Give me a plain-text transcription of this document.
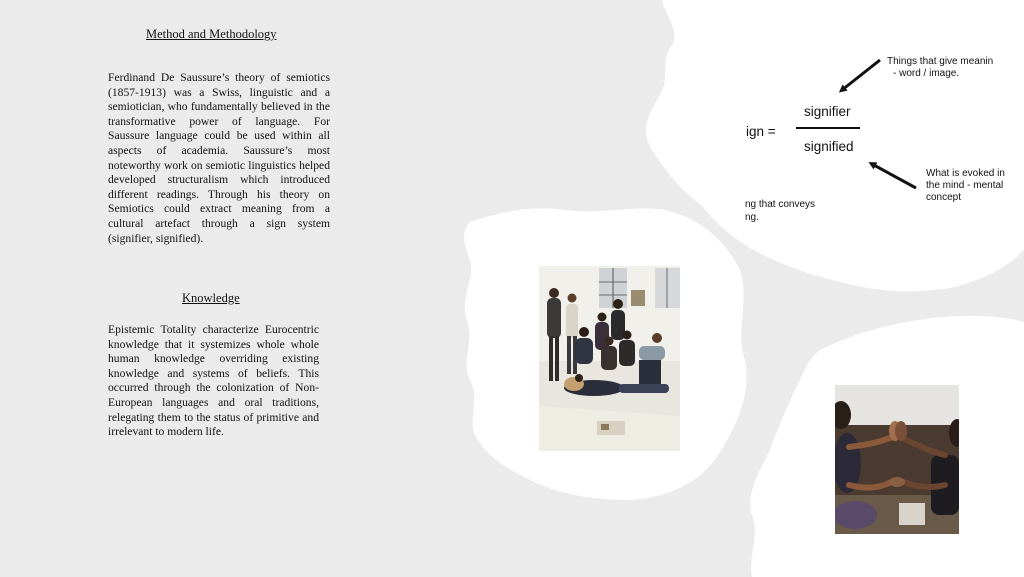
Method and Methodology

Ferdinand De Saussure’s theory of semiotics (1857-1913) was a Swiss, linguistic and a semiotician, who fundamentally believed in the transformative power of language. For Saussure language could be used within all aspects of academia. Saussure’s most noteworthy work on semiotic linguistics helped developed structuralism which introduced different readings. Through his theory on Semiotics could extract meaning from a cultural artefact through a sign system (signifier, signified).

Knowledge

Epistemic Totality characterize Eurocentric knowledge that it systemizes whole whole human knowledge overriding existing knowledge and systems of beliefs. This occurred through the colonization of Non- European languages and oral traditions, relegating them to the status of primitive and irrelevant to modern life.

signifier

signified

ign =

Things that give meanin
- word / image.
What is evoked in
the mind - mental
concept
ng that conveys
ng.
